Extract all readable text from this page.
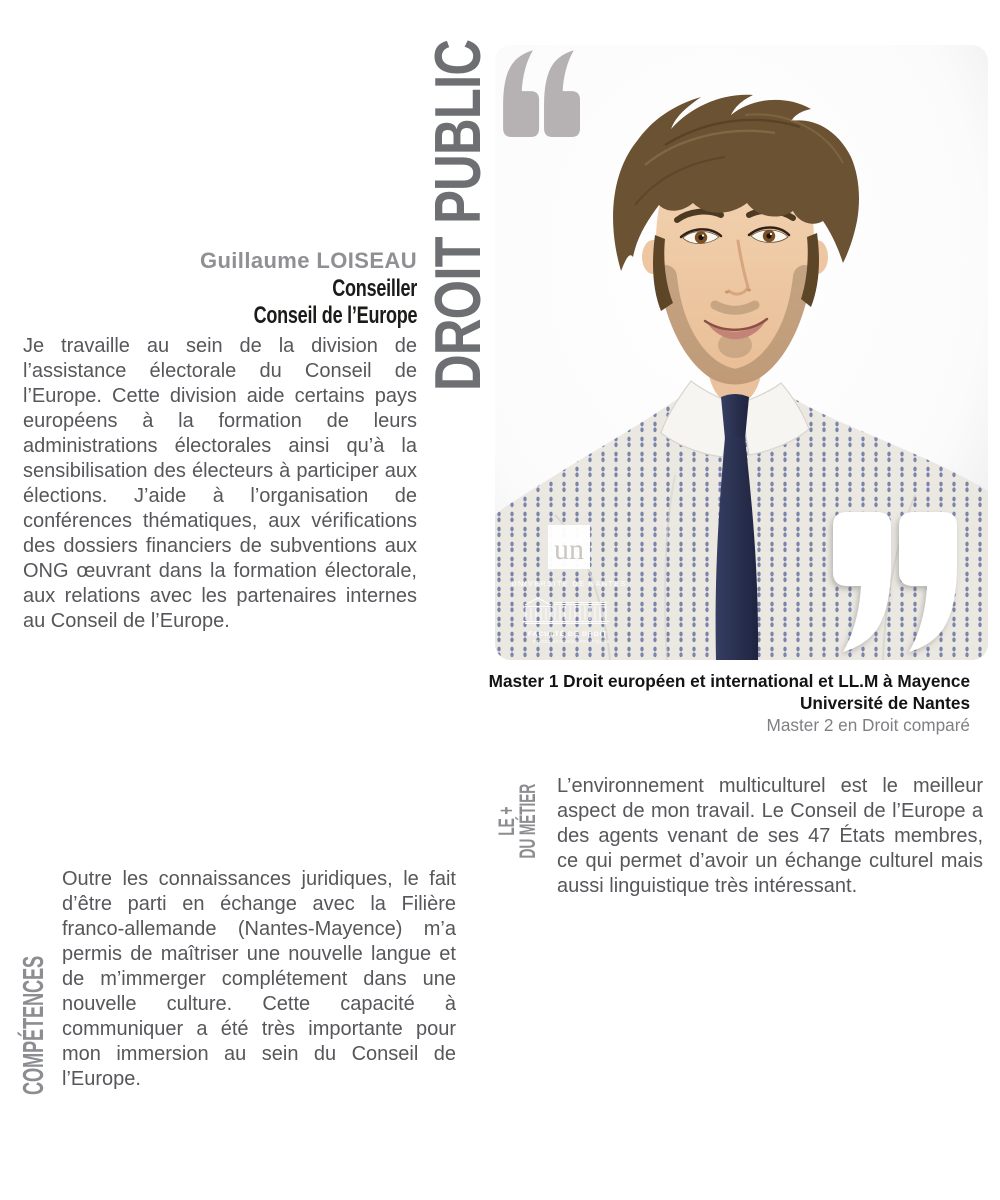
Guillaume LOISEAU
Conseiller
Conseil de l’Europe

Je travaille au sein de la division de l’assistance électorale du Conseil de l’Europe. Cette division aide certains pays européens à la formation de leurs administrations électorales ainsi qu’à la sensibilisation des électeurs à participer aux élections. J’aide à l’organisation de conférences thématiques, aux vérifications des dossiers financiers de subventions aux ONG œuvrant dans la formation électorale, aux relations avec les partenaires internes au Conseil de l’Europe.

DROIT PUBLIC
un
UNIVERSITÉ DE NANTES
FACULTÉ DE DROIT
ET DES SCIENCES POLITIQUES
Master 1 Droit européen et international et LL.M à Mayence
Université de Nantes
Master 2 en Droit comparé
LE +
DU MÉTIER L’environnement multiculturel est le meilleur aspect de mon travail. Le Conseil de l’Europe a des agents venant de ses 47 États membres, ce qui permet d’avoir un échange culturel mais aussi linguistique très intéressant.

COMPÉTENCES

Outre les connaissances juridiques, le fait d’être parti en échange avec la Filière franco-allemande (Nantes-Mayence) m’a permis de maîtriser une nouvelle langue et de m’immerger complétement dans une nouvelle culture. Cette capacité à communiquer a été très importante pour mon immersion au sein du Conseil de l’Europe.
